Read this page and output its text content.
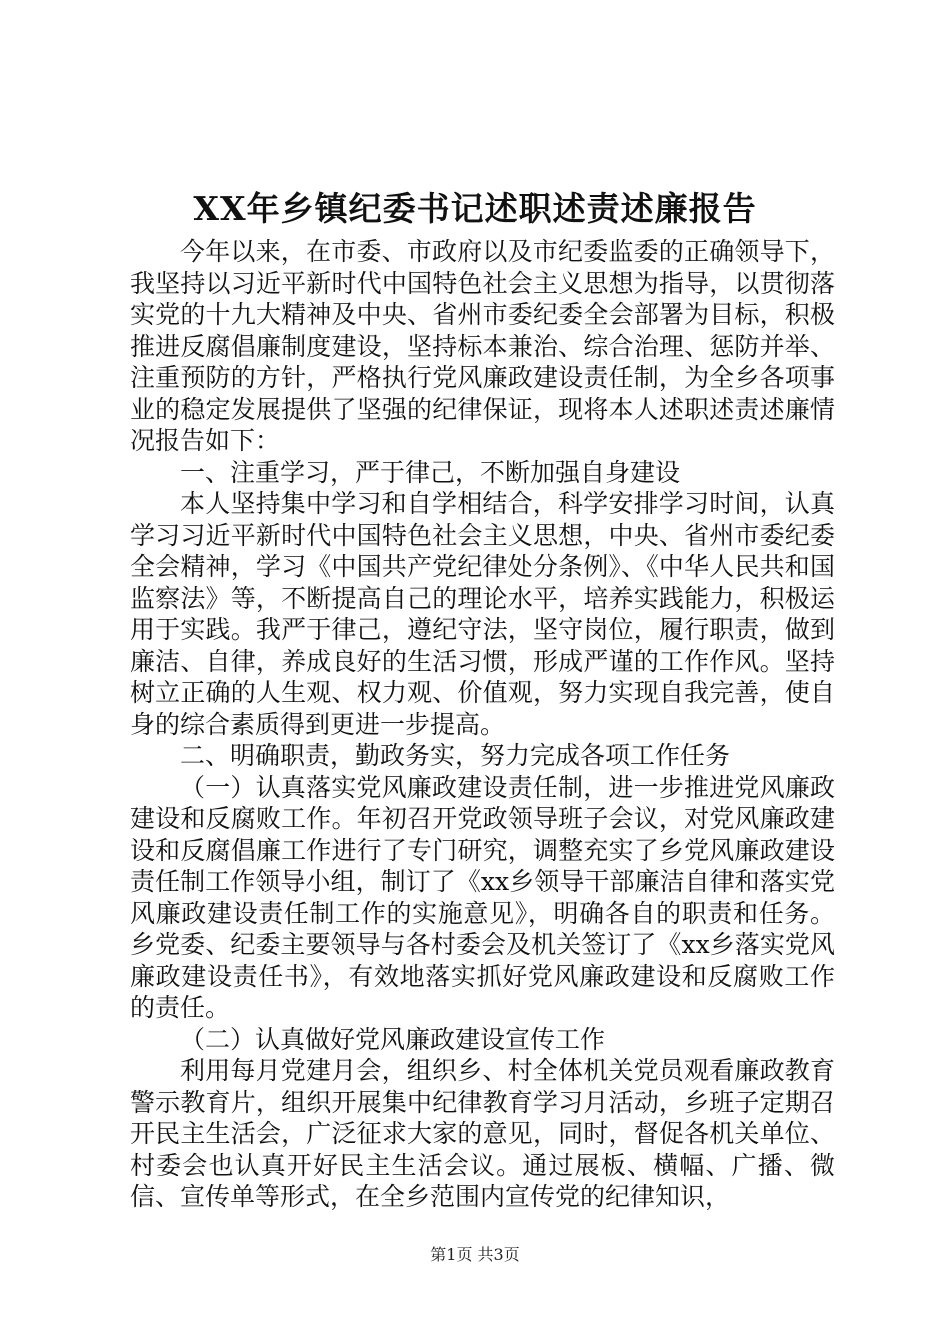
XX年乡镇纪委书记述职述责述廉报告

今年以来，在市委、市政府以及市纪委监委的正确领导下，我坚持以习近平新时代中国特色社会主义思想为指导，以贯彻落实党的十九大精神及中央、省州市委纪委全会部署为目标，积极推进反腐倡廉制度建设，坚持标本兼治、综合治理、惩防并举、注重预防的方针，严格执行党风廉政建设责任制，为全乡各项事业的稳定发展提供了坚强的纪律保证，现将本人述职述责述廉情况报告如下：

一、注重学习，严于律己，不断加强自身建设

本人坚持集中学习和自学相结合，科学安排学习时间，认真学习习近平新时代中国特色社会主义思想，中央、省州市委纪委全会精神，学习《中国共产党纪律处分条例》、《中华人民共和国监察法》等，不断提高自己的理论水平，培养实践能力，积极运用于实践。我严于律己，遵纪守法，坚守岗位，履行职责，做到廉洁、自律，养成良好的生活习惯，形成严谨的工作作风。坚持树立正确的人生观、权力观、价值观，努力实现自我完善，使自身的综合素质得到更进一步提高。

二、明确职责，勤政务实，努力完成各项工作任务

（一）认真落实党风廉政建设责任制，进一步推进党风廉政建设和反腐败工作。年初召开党政领导班子会议，对党风廉政建设和反腐倡廉工作进行了专门研究，调整充实了乡党风廉政建设责任制工作领导小组，制订了《xx乡领导干部廉洁自律和落实党风廉政建设责任制工作的实施意见》，明确各自的职责和任务。乡党委、纪委主要领导与各村委会及机关签订了《xx乡落实党风廉政建设责任书》，有效地落实抓好党风廉政建设和反腐败工作的责任。

（二）认真做好党风廉政建设宣传工作

利用每月党建月会，组织乡、村全体机关党员观看廉政教育警示教育片，组织开展集中纪律教育学习月活动，乡班子定期召开民主生活会，广泛征求大家的意见，同时，督促各机关单位、村委会也认真开好民主生活会议。通过展板、横幅、广播、微信、宣传单等形式，在全乡范围内宣传党的纪律知识，

第1页 共3页
